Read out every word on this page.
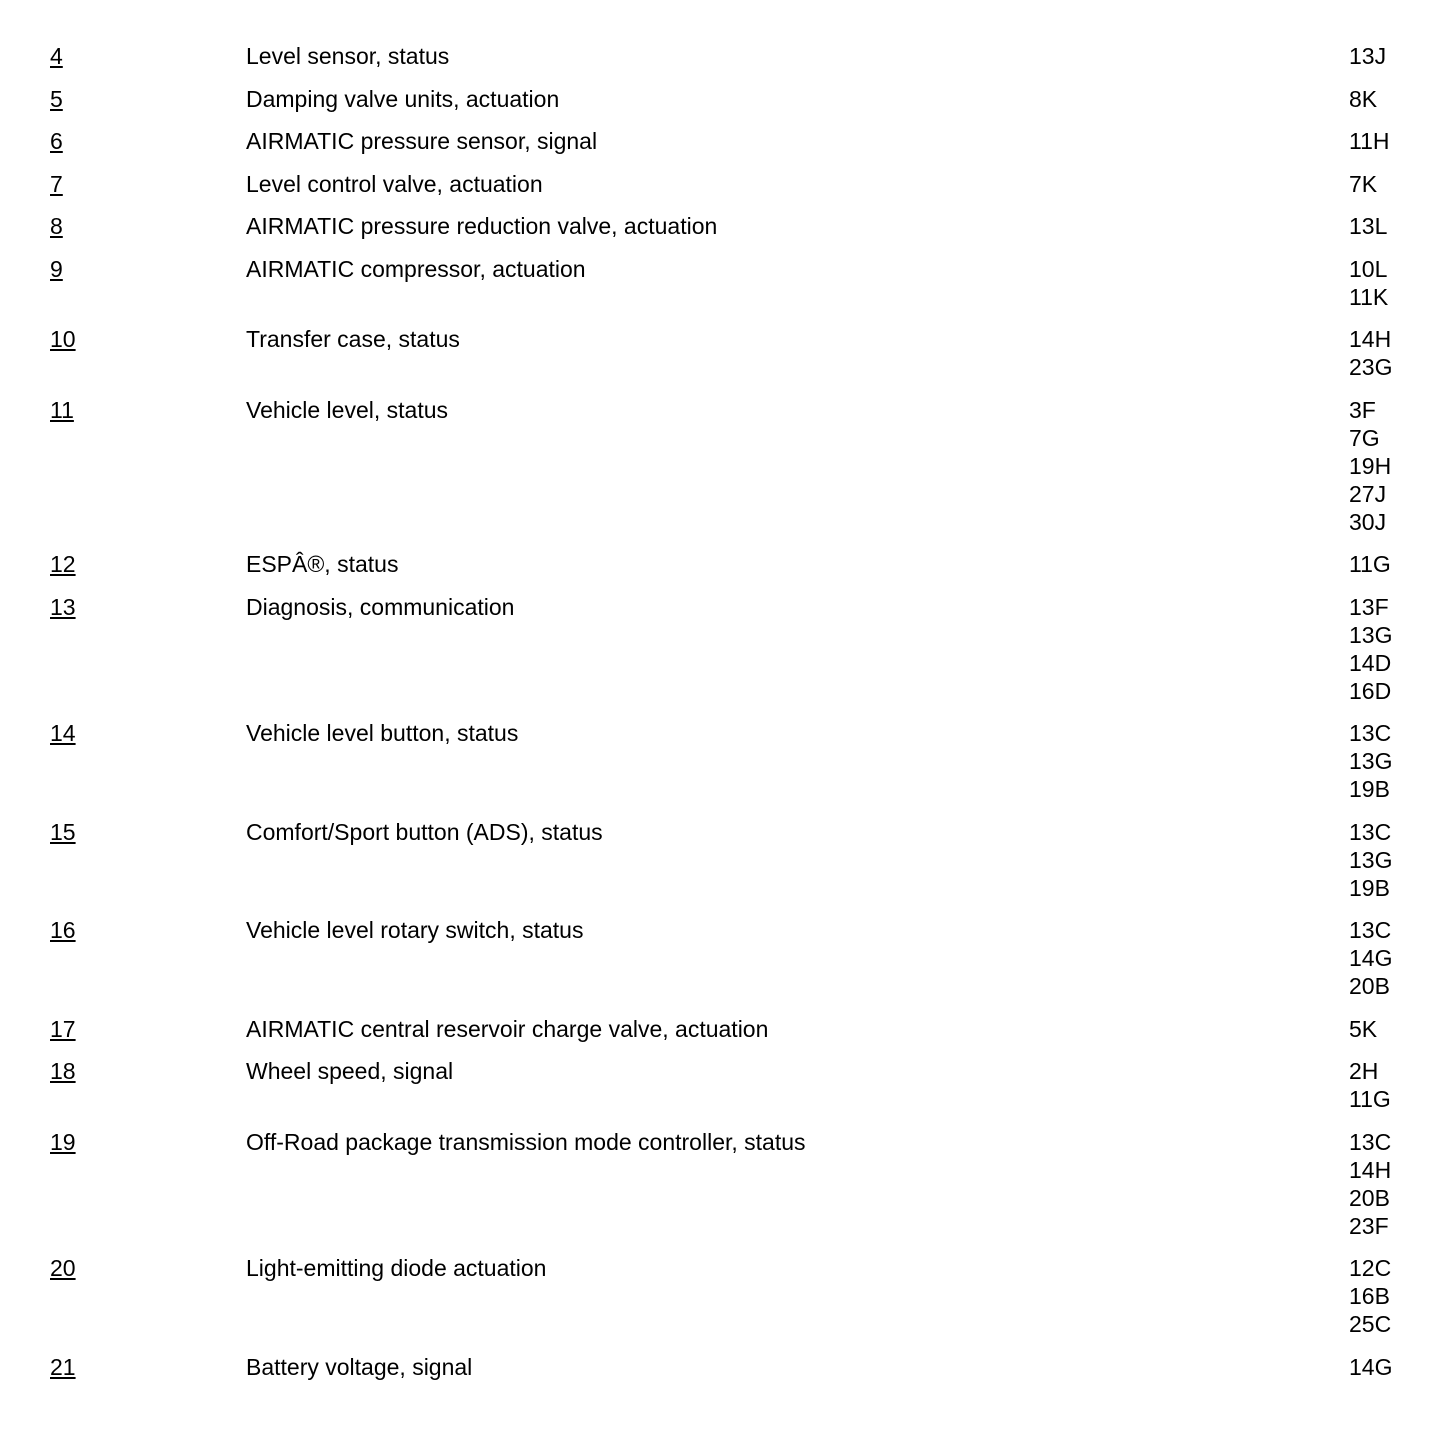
4	Level sensor, status	13J
5	Damping valve units, actuation	8K
6	AIRMATIC pressure sensor, signal	11H
7	Level control valve, actuation	7K
8	AIRMATIC pressure reduction valve, actuation	13L
9	AIRMATIC compressor, actuation	10L
11K
10	Transfer case, status	14H
23G
11	Vehicle level, status	3F
7G
19H
27J
30J
12	ESPÂ®, status	11G
13	Diagnosis, communication	13F
13G
14D
16D
14	Vehicle level button, status	13C
13G
19B
15	Comfort/Sport button (ADS), status	13C
13G
19B
16	Vehicle level rotary switch, status	13C
14G
20B
17	AIRMATIC central reservoir charge valve, actuation	5K
18	Wheel speed, signal	2H
11G
19	Off-Road package transmission mode controller, status	13C
14H
20B
23F
20	Light-emitting diode actuation	12C
16B
25C
21	Battery voltage, signal	14G
